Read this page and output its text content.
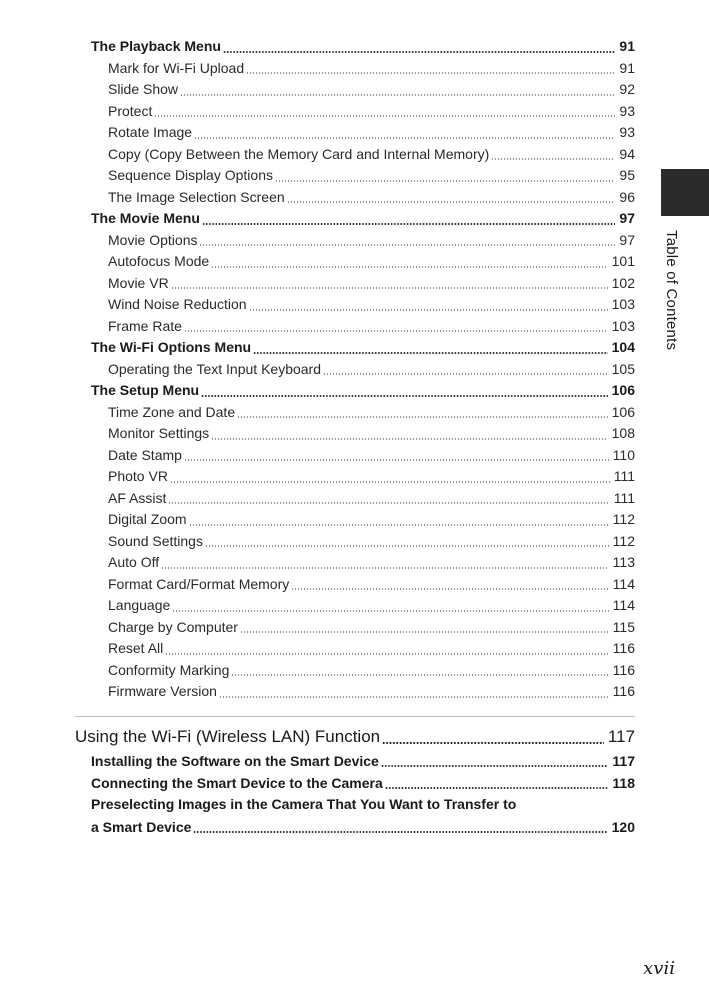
The Playback Menu	91
Mark for Wi-Fi Upload	91
Slide Show	92
Protect	93
Rotate Image	93
Copy (Copy Between the Memory Card and Internal Memory)	94
Sequence Display Options	95
The Image Selection Screen	96
The Movie Menu	97
Movie Options	97
Autofocus Mode	101
Movie VR	102
Wind Noise Reduction	103
Frame Rate	103
The Wi-Fi Options Menu	104
Operating the Text Input Keyboard	105
The Setup Menu	106
Time Zone and Date	106
Monitor Settings	108
Date Stamp	110
Photo VR	111
AF Assist	111
Digital Zoom	112
Sound Settings	112
Auto Off	113
Format Card/Format Memory	114
Language	114
Charge by Computer	115
Reset All	116
Conformity Marking	116
Firmware Version	116
Using the Wi-Fi (Wireless LAN) Function	117
Installing the Software on the Smart Device	117
Connecting the Smart Device to the Camera	118
Preselecting Images in the Camera That You Want to Transfer to
a Smart Device	120
Table of Contents
xvii
